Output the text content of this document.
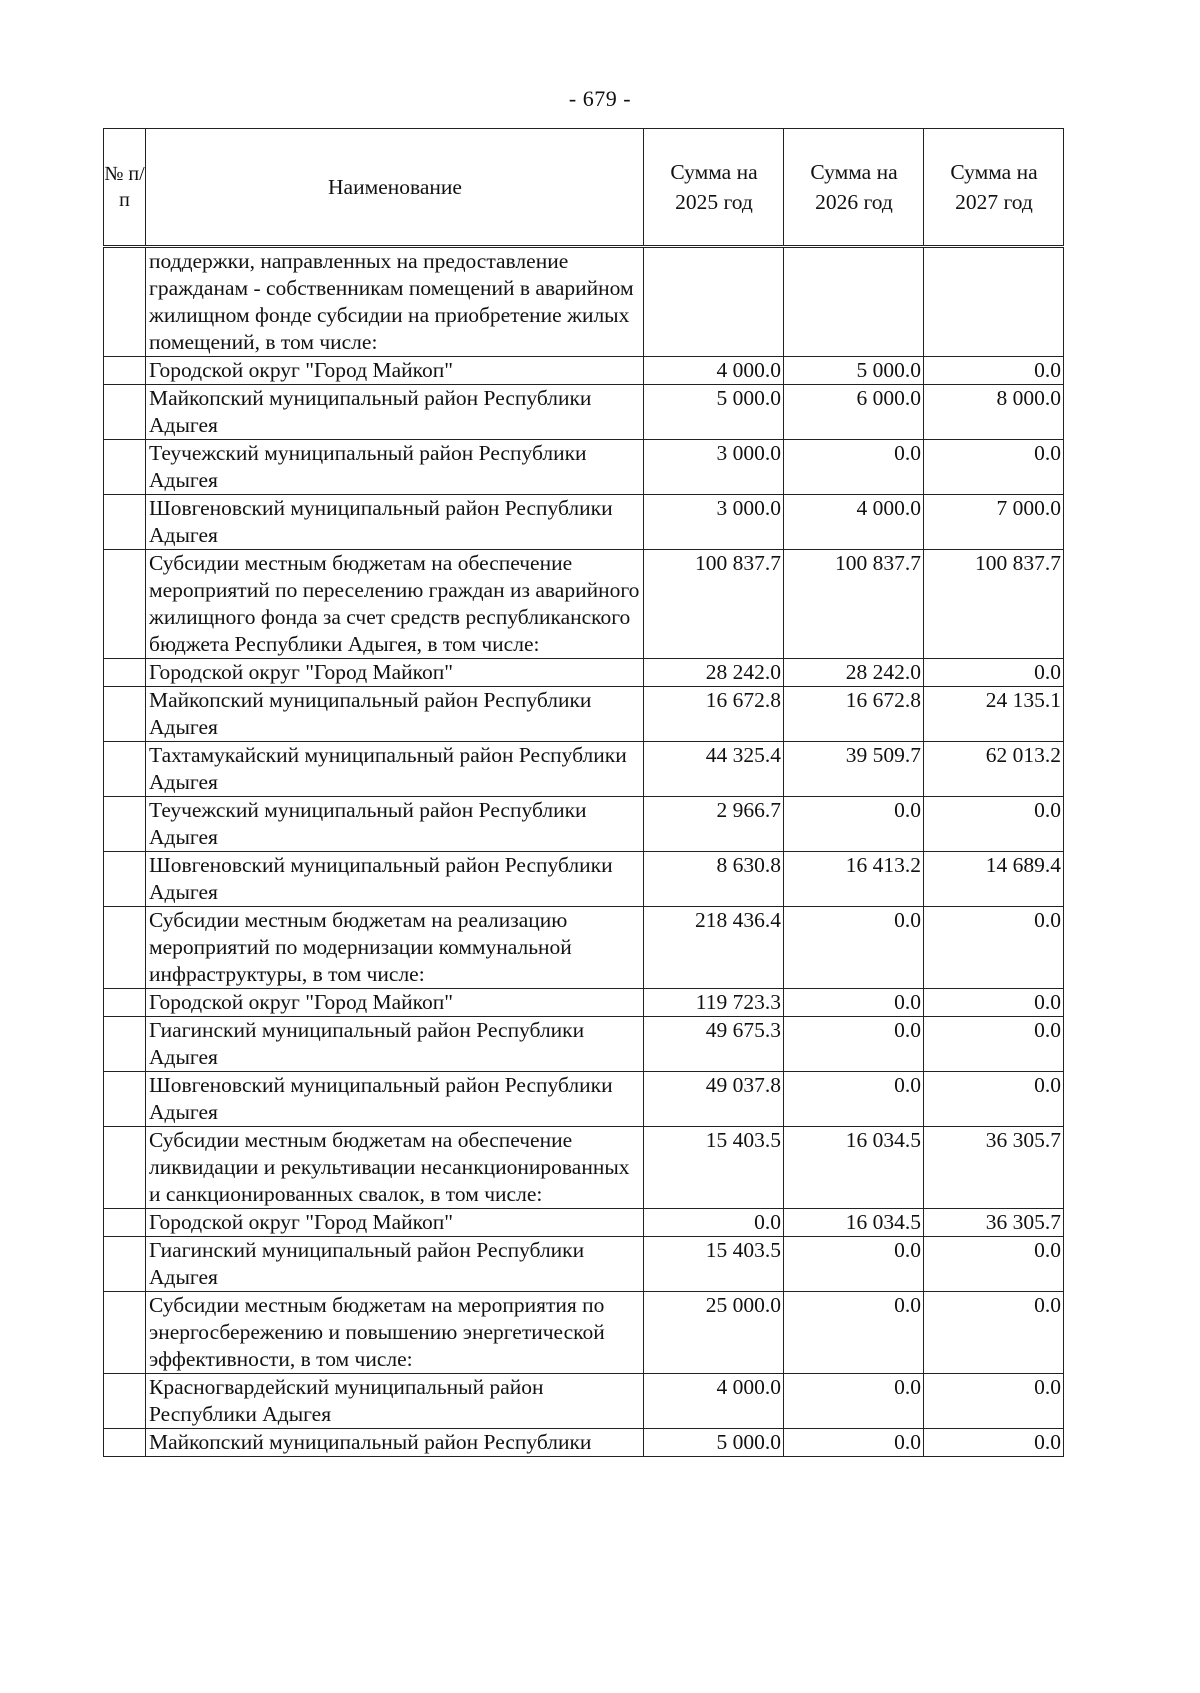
- 679 -
№ п/п	Наименование	Сумма на 2025 год	Сумма на 2026 год	Сумма на 2027 год
	поддержки, направленных на предоставление гражданам - собственникам помещений в аварийном жилищном фонде субсидии на приобретение жилых помещений, в том числе:			
	Городской округ "Город Майкоп"	4 000.0	5 000.0	0.0
	Майкопский муниципальный район Республики Адыгея	5 000.0	6 000.0	8 000.0
	Теучежский муниципальный район Республики Адыгея	3 000.0	0.0	0.0
	Шовгеновский муниципальный район Республики Адыгея	3 000.0	4 000.0	7 000.0
	Субсидии местным бюджетам на обеспечение мероприятий по переселению граждан из аварийного жилищного фонда за счет средств республиканского бюджета Республики Адыгея, в том числе:	100 837.7	100 837.7	100 837.7
	Городской округ "Город Майкоп"	28 242.0	28 242.0	0.0
	Майкопский муниципальный район Республики Адыгея	16 672.8	16 672.8	24 135.1
	Тахтамукайский муниципальный район Республики Адыгея	44 325.4	39 509.7	62 013.2
	Теучежский муниципальный район Республики Адыгея	2 966.7	0.0	0.0
	Шовгеновский муниципальный район Республики Адыгея	8 630.8	16 413.2	14 689.4
	Субсидии местным бюджетам на реализацию мероприятий по модернизации коммунальной инфраструктуры, в том числе:	218 436.4	0.0	0.0
	Городской округ "Город Майкоп"	119 723.3	0.0	0.0
	Гиагинский муниципальный район Республики Адыгея	49 675.3	0.0	0.0
	Шовгеновский муниципальный район Республики Адыгея	49 037.8	0.0	0.0
	Субсидии местным бюджетам на обеспечение ликвидации и рекультивации несанкционированных и санкционированных свалок, в том числе:	15 403.5	16 034.5	36 305.7
	Городской округ "Город Майкоп"	0.0	16 034.5	36 305.7
	Гиагинский муниципальный район Республики Адыгея	15 403.5	0.0	0.0
	Субсидии местным бюджетам на мероприятия по энергосбережению и повышению энергетической эффективности, в том числе:	25 000.0	0.0	0.0
	Красногвардейский муниципальный район Республики Адыгея	4 000.0	0.0	0.0
	Майкопский муниципальный район Республики	5 000.0	0.0	0.0
